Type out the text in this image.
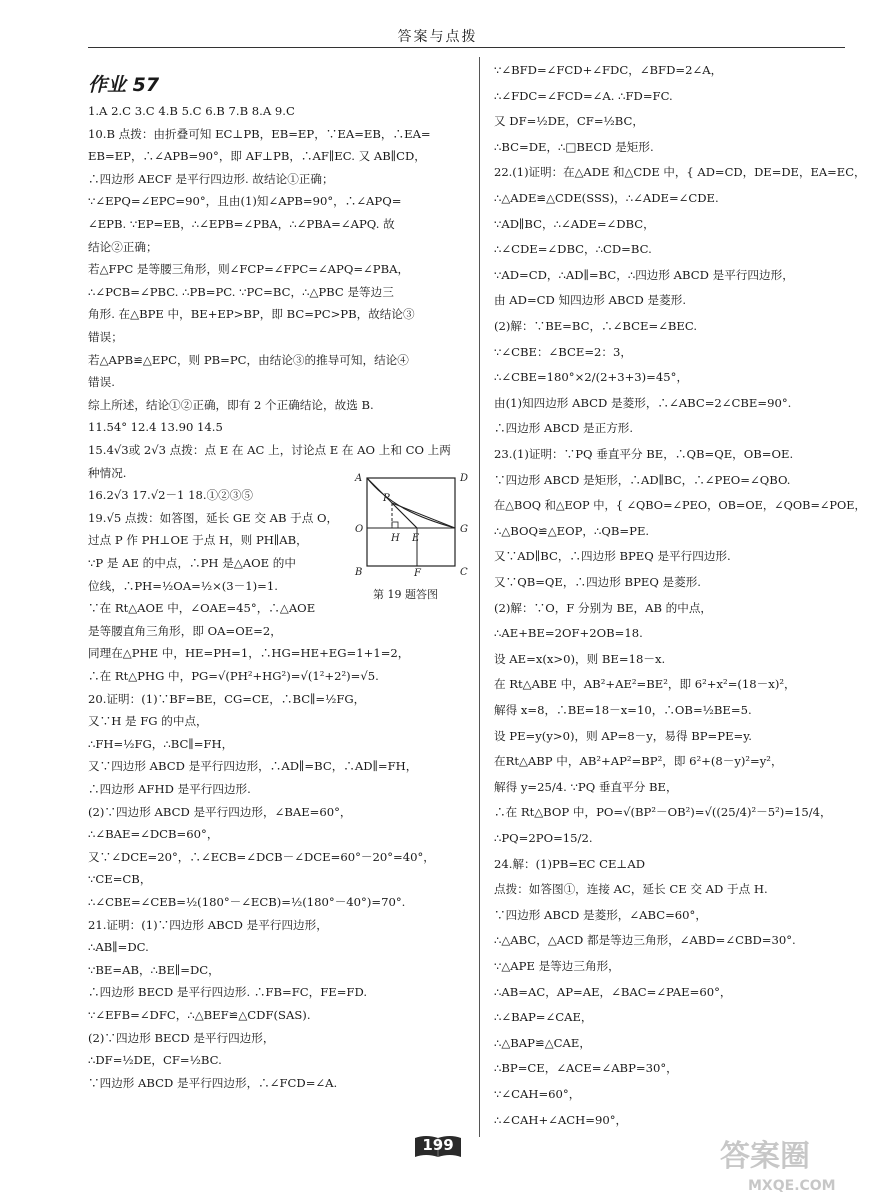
答案与点拨
作业 57
1.A 2.C 3.C 4.B 5.C 6.B 7.B 8.A 9.C
10.B 点拨：由折叠可知 EC⊥PB，EB=EP，∵EA=EB，∴EA=
EB=EP，∴∠APB=90°，即 AF⊥PB，∴AF∥EC. 又 AB∥CD，
∴四边形 AECF 是平行四边形. 故结论①正确；
∵∠EPQ=∠EPC=90°，且由(1)知∠APB=90°，∴∠APQ=
∠EPB. ∵EP=EB，∴∠EPB=∠PBA，∴∠PBA=∠APQ. 故
结论②正确；
若△FPC 是等腰三角形，则∠FCP=∠FPC=∠APQ=∠PBA，
∴∠PCB=∠PBC. ∴PB=PC. ∵PC=BC，∴△PBC 是等边三
角形. 在△BPE 中，BE+EP>BP，即 BC=PC>PB，故结论③
错误；
若△APB≌△EPC，则 PB=PC，由结论③的推导可知，结论④
错误.
综上所述，结论①②正确，即有 2 个正确结论，故选 B.
11.54° 12.4 13.90 14.5
15.4√3或 2√3 点拨：点 E 在 AC 上，讨论点 E 在 AO 上和 CO 上两
种情况.
16.2√3 17.√2－1 18.①②③⑤
19.√5 点拨：如答图，延长 GE 交 AB 于点 O，
过点 P 作 PH⊥OE 于点 H，则 PH∥AB，
∵P 是 AE 的中点，∴PH 是△AOE 的中
位线，∴PH=½OA=½×(3－1)=1.
∵在 Rt△AOE 中，∠OAE=45°，∴△AOE
是等腰直角三角形，即 OA=OE=2，
同理在△PHE 中，HE=PH=1，∴HG=HE+EG=1+1=2，
∴在 Rt△PHG 中，PG=√(PH²+HG²)=√(1²+2²)=√5.
20.证明：(1)∵BF=BE，CG=CE，∴BC∥=½FG，
又∵H 是 FG 的中点，
∴FH=½FG，∴BC∥=FH，
又∵四边形 ABCD 是平行四边形，∴AD∥=BC，∴AD∥=FH，
∴四边形 AFHD 是平行四边形.
(2)∵四边形 ABCD 是平行四边形，∠BAE=60°，
∴∠BAE=∠DCB=60°，
又∵∠DCE=20°，∴∠ECB=∠DCB－∠DCE=60°－20°=40°，
∵CE=CB，
∴∠CBE=∠CEB=½(180°－∠ECB)=½(180°－40°)=70°.
21.证明：(1)∵四边形 ABCD 是平行四边形，
∴AB∥=DC.
∵BE=AB，∴BE∥=DC，
∴四边形 BECD 是平行四边形. ∴FB=FC，FE=FD.
∵∠EFB=∠DFC，∴△BEF≌△CDF(SAS).
(2)∵四边形 BECD 是平行四边形，
∴DF=½DE，CF=½BC.
∵四边形 ABCD 是平行四边形，∴∠FCD=∠A.
∵∠BFD=∠FCD+∠FDC，∠BFD=2∠A，
∴∠FDC=∠FCD=∠A. ∴FD=FC.
又 DF=½DE，CF=½BC，
∴BC=DE，∴□BECD 是矩形.
22.(1)证明：在△ADE 和△CDE 中，{ AD=CD，DE=DE，EA=EC，
∴△ADE≌△CDE(SSS)，∴∠ADE=∠CDE.
∵AD∥BC，∴∠ADE=∠DBC，
∴∠CDE=∠DBC，∴CD=BC.
∵AD=CD，∴AD∥=BC，∴四边形 ABCD 是平行四边形，
由 AD=CD 知四边形 ABCD 是菱形.
(2)解：∵BE=BC，∴∠BCE=∠BEC.
∵∠CBE：∠BCE=2：3，
∴∠CBE=180°×2/(2+3+3)=45°，
由(1)知四边形 ABCD 是菱形，∴∠ABC=2∠CBE=90°.
∴四边形 ABCD 是正方形.
23.(1)证明：∵PQ 垂直平分 BE，∴QB=QE，OB=OE.
∵四边形 ABCD 是矩形，∴AD∥BC，∴∠PEO=∠QBO.
在△BOQ 和△EOP 中，{ ∠QBO=∠PEO，OB=OE，∠QOB=∠POE，
∴△BOQ≌△EOP，∴QB=PE.
又∵AD∥BC，∴四边形 BPEQ 是平行四边形.
又∵QB=QE，∴四边形 BPEQ 是菱形.
(2)解：∵O，F 分别为 BE，AB 的中点，
∴AE+BE=2OF+2OB=18.
设 AE=x(x>0)，则 BE=18－x.
在 Rt△ABE 中，AB²+AE²=BE²，即 6²+x²=(18－x)²，
解得 x=8，∴BE=18－x=10，∴OB=½BE=5.
设 PE=y(y>0)，则 AP=8－y，易得 BP=PE=y.
在Rt△ABP 中，AB²+AP²=BP²，即 6²+(8－y)²=y²，
解得 y=25/4. ∵PQ 垂直平分 BE，
∴在 Rt△BOP 中，PO=√(BP²－OB²)=√((25/4)²－5²)=15/4，
∴PQ=2PO=15/2.
24.解：(1)PB=EC CE⊥AD
点拨：如答图①，连接 AC，延长 CE 交 AD 于点 H.
∵四边形 ABCD 是菱形，∠ABC=60°，
∴△ABC，△ACD 都是等边三角形，∠ABD=∠CBD=30°.
∵△APE 是等边三角形，
∴AB=AC，AP=AE，∠BAC=∠PAE=60°，
∴∠BAP=∠CAE，
∴△BAP≌△CAE，
∴BP=CE，∠ACE=∠ABP=30°，
∵∠CAH=60°，
∴∠CAH+∠ACH=90°，
A	D
P
O
H E
G
B	F	C
第 19 题答图
199	答案圈
MXQE.COM
